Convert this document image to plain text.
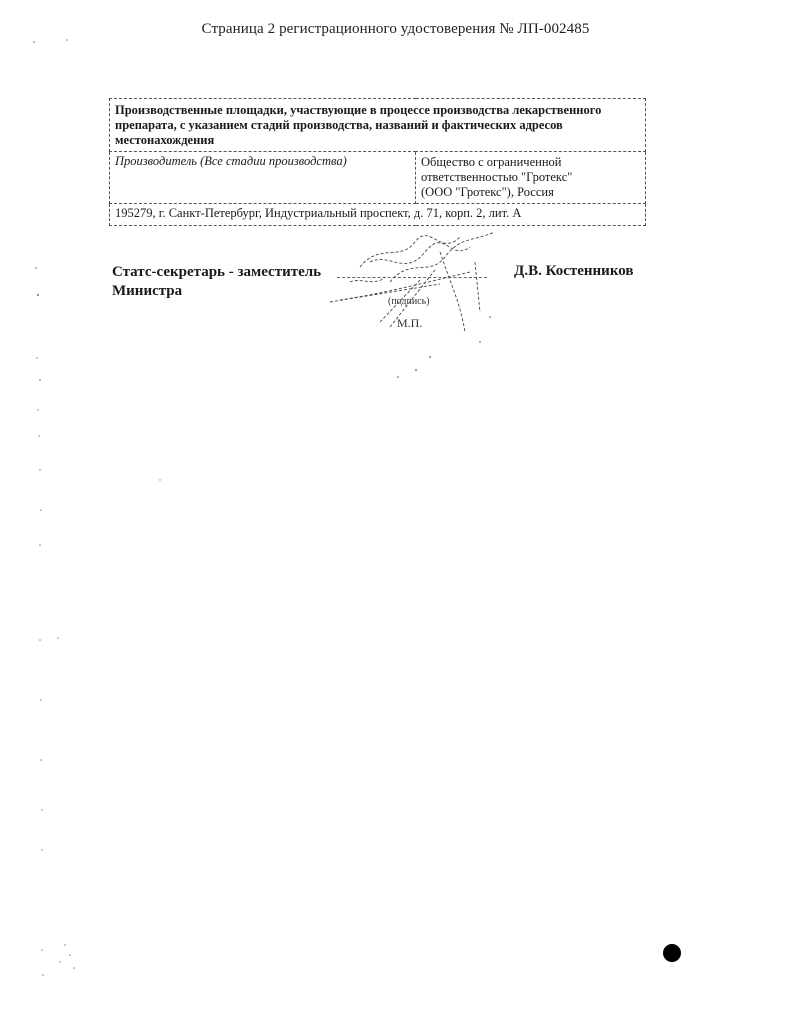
Страница 2 регистрационного удостоверения № ЛП-002485
Производственные площадки, участвующие в процессе производства лекарственного препарата, с указанием стадий производства, названий и фактических адресов местонахождения
Производитель (Все стадии производства)	Общество с ограниченной
ответственностью "Гротекс"
(ООО "Гротекс"), Россия

195279, г. Санкт-Петербург, Индустриальный проспект, д. 71, корп. 2, лит. А
Статс-секретарь - заместитель
Министра
Д.В. Костенников
(подпись)
М.П.
